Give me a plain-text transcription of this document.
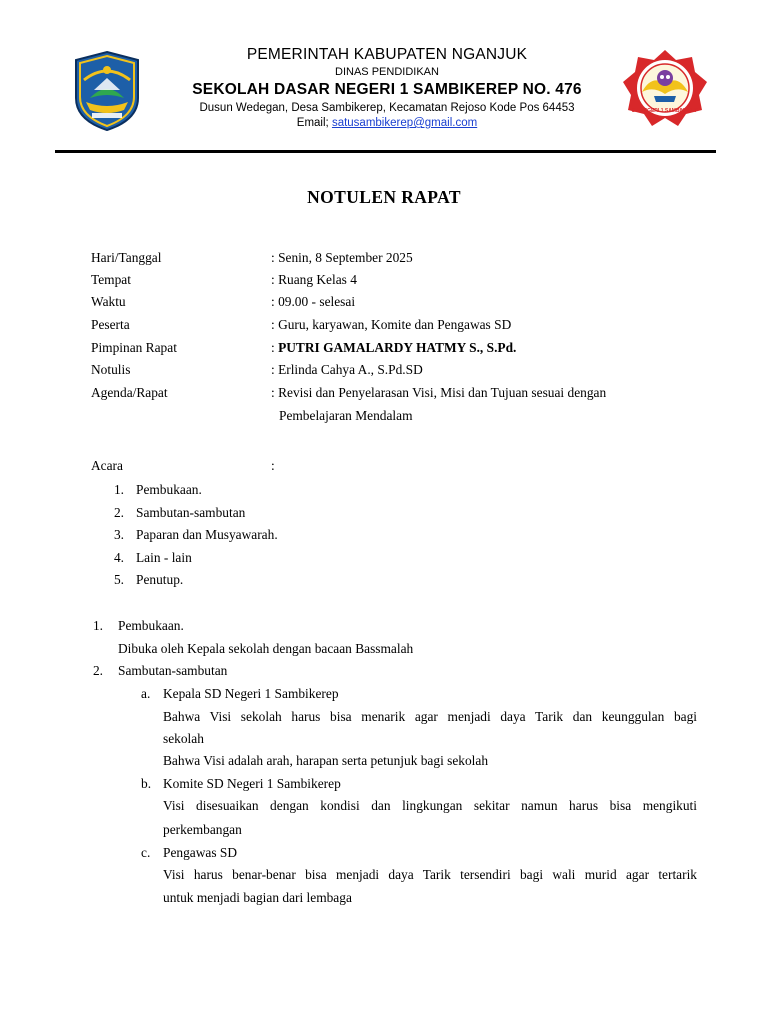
SD NEGERI 1 SAMBIKEREP
PEMERINTAH KABUPATEN NGANJUK
DINAS PENDIDIKAN
SEKOLAH DASAR NEGERI 1 SAMBIKEREP NO. 476
Dusun Wedegan, Desa Sambikerep, Kecamatan Rejoso Kode Pos 64453
Email; satusambikerep@gmail.com
NOTULEN RAPAT
Hari/Tanggal	: Senin, 8 September 2025
Tempat	: Ruang Kelas 4
Waktu	: 09.00 - selesai
Peserta	: Guru, karyawan, Komite dan Pengawas SD
Pimpinan Rapat	: PUTRI GAMALARDY HATMY S., S.Pd.
Notulis	: Erlinda Cahya A., S.Pd.SD
Agenda/Rapat	: Revisi dan Penyelarasan Visi, Misi dan Tujuan sesuai dengan
Pembelajaran Mendalam
Acara	:
1. Pembukaan.
2. Sambutan-sambutan
3. Paparan dan Musyawarah.
4. Lain - lain
5. Penutup.
1. Pembukaan.
Dibuka oleh Kepala sekolah dengan bacaan Bassmalah
2. Sambutan-sambutan
a. Kepala SD Negeri 1 Sambikerep
Bahwa Visi sekolah harus bisa menarik agar menjadi daya Tarik dan keunggulan bagi
sekolah
Bahwa Visi adalah arah, harapan serta petunjuk bagi sekolah
b. Komite SD Negeri 1 Sambikerep
Visi disesuaikan dengan kondisi dan lingkungan sekitar namun harus bisa mengikuti
perkembangan
c. Pengawas SD
Visi harus benar-benar bisa menjadi daya Tarik tersendiri bagi wali murid agar tertarik
untuk menjadi bagian dari lembaga
